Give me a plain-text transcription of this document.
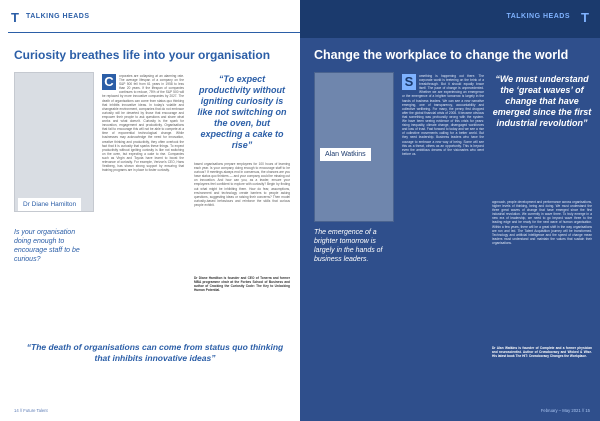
T	TALKING HEADS
Curiosity breathes life into your organisation
Dr Diane Hamilton
Is your organisation doing enough to encourage staff to be curious?
C	orporates are collapsing at an alarming rate. The average lifespan of a company on the S&P 500 fell from 61 years in 1958 to less than 20 years. If the lifespan of companies continues to reduce, 75% of the S&P 500 will be replaced by more innovative companies by 2027. The death of organisations can come from status quo thinking that inhibits innovative ideas. In today's volatile and changeable environment, companies that do not embrace curiosity will be deserted by those that encourage and empower their people to ask questions and share what works and what doesn't. Curiosity is the spark for innovation, engagement and productivity. Organisations that fail to encourage this will not be able to compete at a time of exponential technological change. While businesses may acknowledge the need for innovation, creative thinking and productivity, they often overlook the fact that it is curiosity that sparks these things. To expect productivity without igniting curiosity is like not switching on the oven, but expecting a cake to rise. Companies such as Virgin and Toyota have learnt to boost the relevance of curiosity. For example, Verizon's CEO, Hans Vestberg, has shown strong support by ensuring that training programs are in place to foster curiosity.
“To expect productivity without igniting curiosity is like not switching on the oven, but expecting a cake to rise”
based organisations prepare employees for 100 hours of learning each year. Is your company doing enough to encourage staff to be curious? If meetings always end in consensus, the chances are you have status quo thinkers — and your company could be missing out on innovation. And how can you, as a leader, ensure your employees feel confident to explore with curiosity? Begin by finding out what might be inhibiting them. How do fear, assumptions, environment and technology create barriers to people asking questions, suggesting ideas or raising their concerns? Then model curiosity-based behaviours and reinforce the skills that curious people exhibit.
Dr Diane Hamilton is founder and CEO of Tonerra and former MBA programme chair at the Forbes School of Business and author of Cracking the Curiosity Code: The Key to Unlocking Human Potential.
“The death of organisations can come from status quo thinking that inhibits innovative ideas”
14 // Future Talent
TALKING HEADS T
Change the workplace to change the world
Alan Watkins
The emergence of a brighter tomorrow is largely in the hands of business leaders.
S	omething is happening out there. The corporate world is teetering on the brink of a breakthrough. But it should equally brace itself. The pace of change is unprecedented. Whether we are experiencing an emergence or the emergence of a brighter tomorrow is largely in the hands of business leaders. We can see a new narrative emerging, one of transparency, accountability and collective wellbeing. For many, the penny first dropped after the global financial crisis of 2008. It became obvious that something was profoundly wrong with the system. We have been seeing evidence of this crisis for years: rising inequality, climate change, disengaged workforces and loss of trust. Fast forward to today and we see a rise of collective movements calling for a better world. But they need leadership. Business leaders who have the courage to embrace a new way of being. Some will see this as a threat, others as an opportunity. This is beyond even the ambitious dreams of the visionaries who went before us.
“We must understand the ‘great waves’ of change that have emerged since the first industrial revolution”
approach, people development and performance across organisations, higher levels of thinking, being and doing. We must understand the three great waves of change that have emerged since the first industrial revolution. We currently in wave three. To truly emerge in a new era of leadership, we need to go beyond wave three to the leading edge and be ready for the next wave of human organisation. Within a few years, there will be a great shift in the way organisations are run and led. The Talent Acquisition journey will be transformed. Technology and artificial intelligence and the speed of change mean leaders must understand and maintain the values that sustain their organisations.
Dr Alan Watkins is founder of Complete and a former physician and neuroscientist. Author of Crowdocracy and Wicked & Wise. His latest book The HIT: Crowdocracy Changes the Workplace.
February – May 2021 // 15
